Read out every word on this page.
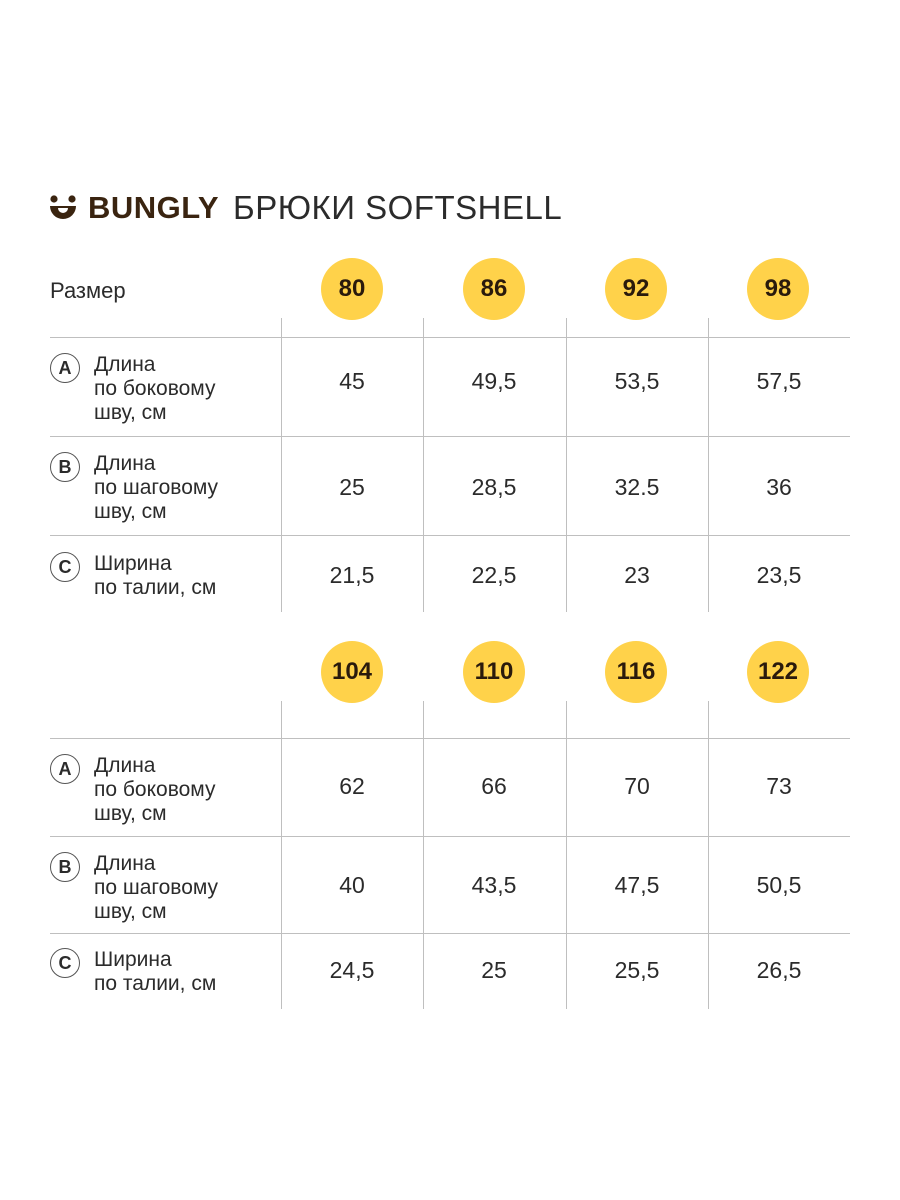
BUNGLY БРЮКИ SOFTSHELL
Размер	80	86	92	98
A	Длина
по боковому
шву, см
45	49,5	53,5	57,5
B	Длина
по шаговому
шву, см
25	28,5	32.5	36
C	Ширина
по талии, см	21,5	22,5	23	23,5
104	110	116	122
A	Длина
по боковому
шву, см
62	66	70	73
B	Длина
по шаговому
шву, см
40	43,5	47,5	50,5
C	Ширина
по талии, см
24,5	25	25,5	26,5
